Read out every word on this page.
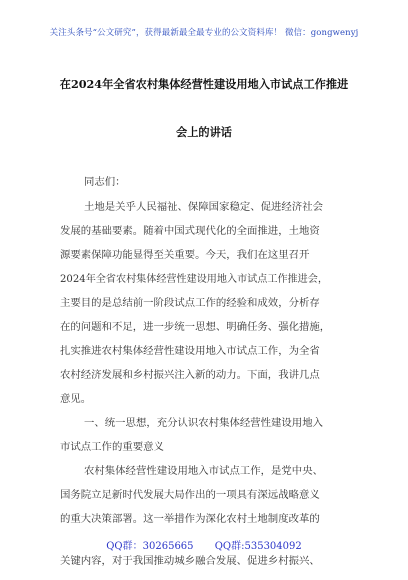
关注头条号“公文研究”，获得最新最全最专业的公文资料库！ 微信：gongwenyj
在2024年全省农村集体经营性建设用地入市试点工作推进
会上的讲话
同志们：
土地是关乎人民福祉、保障国家稳定、促进经济社会
发展的基础要素。随着中国式现代化的全面推进，土地资
源要素保障功能显得至关重要。今天，我们在这里召开
2024年全省农村集体经营性建设用地入市试点工作推进会，
主要目的是总结前一阶段试点工作的经验和成效，分析存
在的问题和不足，进一步统一思想、明确任务、强化措施，
扎实推进农村集体经营性建设用地入市试点工作，为全省
农村经济发展和乡村振兴注入新的动力。下面，我讲几点
意见。
一、统一思想，充分认识农村集体经营性建设用地入
市试点工作的重要意义
农村集体经营性建设用地入市试点工作，是党中央、
国务院立足新时代发展大局作出的一项具有深远战略意义
的重大决策部署。这一举措作为深化农村土地制度改革的
关键内容，对于我国推动城乡融合发展、促进乡村振兴、
QQ群：30265665 QQ群:535304092
